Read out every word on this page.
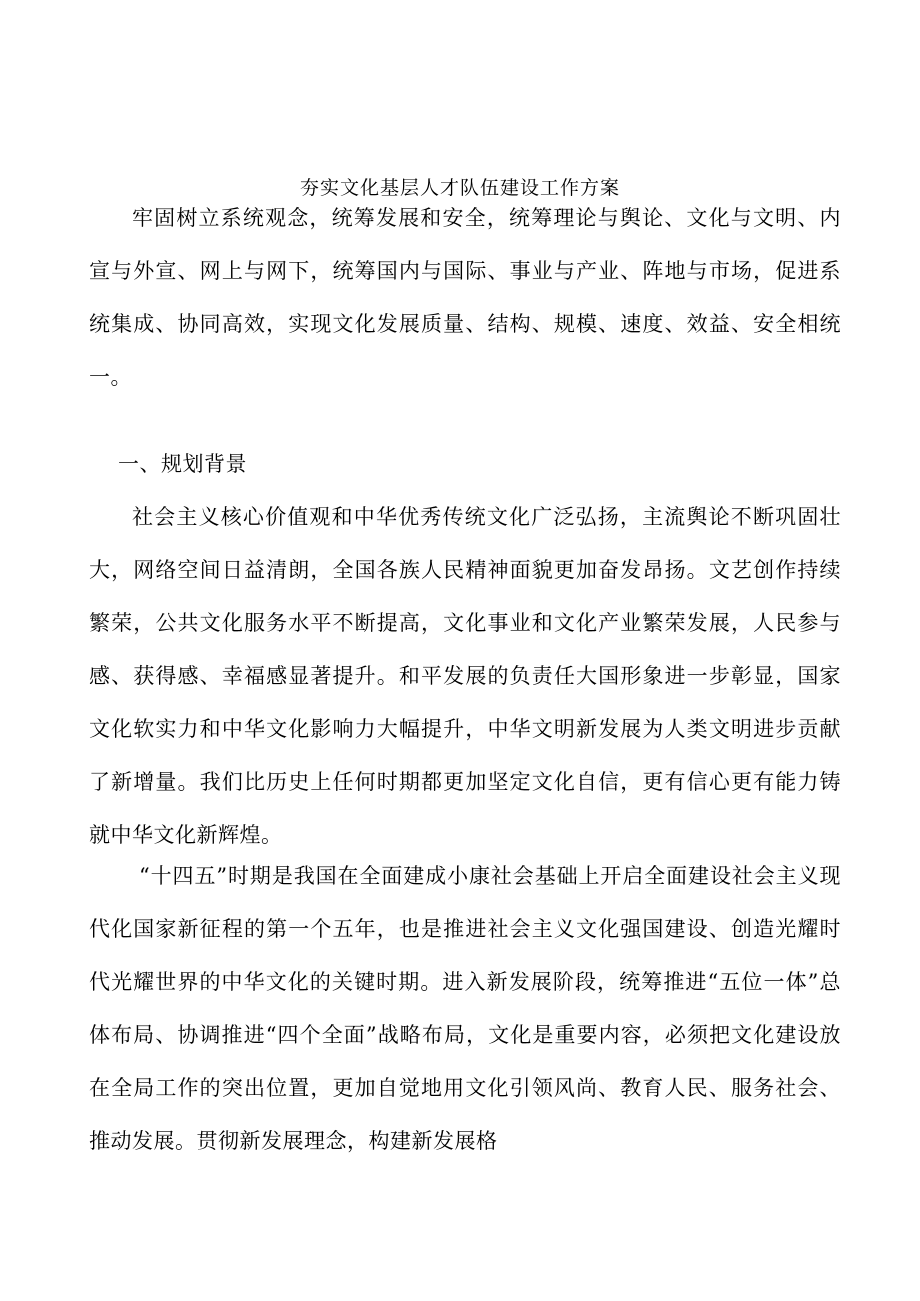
夯实文化基层人才队伍建设工作方案

牢固树立系统观念，统筹发展和安全，统筹理论与舆论、文化与文明、内宣与外宣、网上与网下，统筹国内与国际、事业与产业、阵地与市场，促进系统集成、协同高效，实现文化发展质量、结构、规模、速度、效益、安全相统一。

一、规划背景

社会主义核心价值观和中华优秀传统文化广泛弘扬，主流舆论不断巩固壮大，网络空间日益清朗，全国各族人民精神面貌更加奋发昂扬。文艺创作持续繁荣，公共文化服务水平不断提高，文化事业和文化产业繁荣发展，人民参与感、获得感、幸福感显著提升。和平发展的负责任大国形象进一步彰显，国家文化软实力和中华文化影响力大幅提升，中华文明新发展为人类文明进步贡献了新增量。我们比历史上任何时期都更加坚定文化自信，更有信心更有能力铸就中华文化新辉煌。

“十四五”时期是我国在全面建成小康社会基础上开启全面建设社会主义现代化国家新征程的第一个五年，也是推进社会主义文化强国建设、创造光耀时代光耀世界的中华文化的关键时期。进入新发展阶段，统筹推进“五位一体”总体布局、协调推进“四个全面”战略布局，文化是重要内容，必须把文化建设放在全局工作的突出位置，更加自觉地用文化引领风尚、教育人民、服务社会、推动发展。贯彻新发展理念，构建新发展格
